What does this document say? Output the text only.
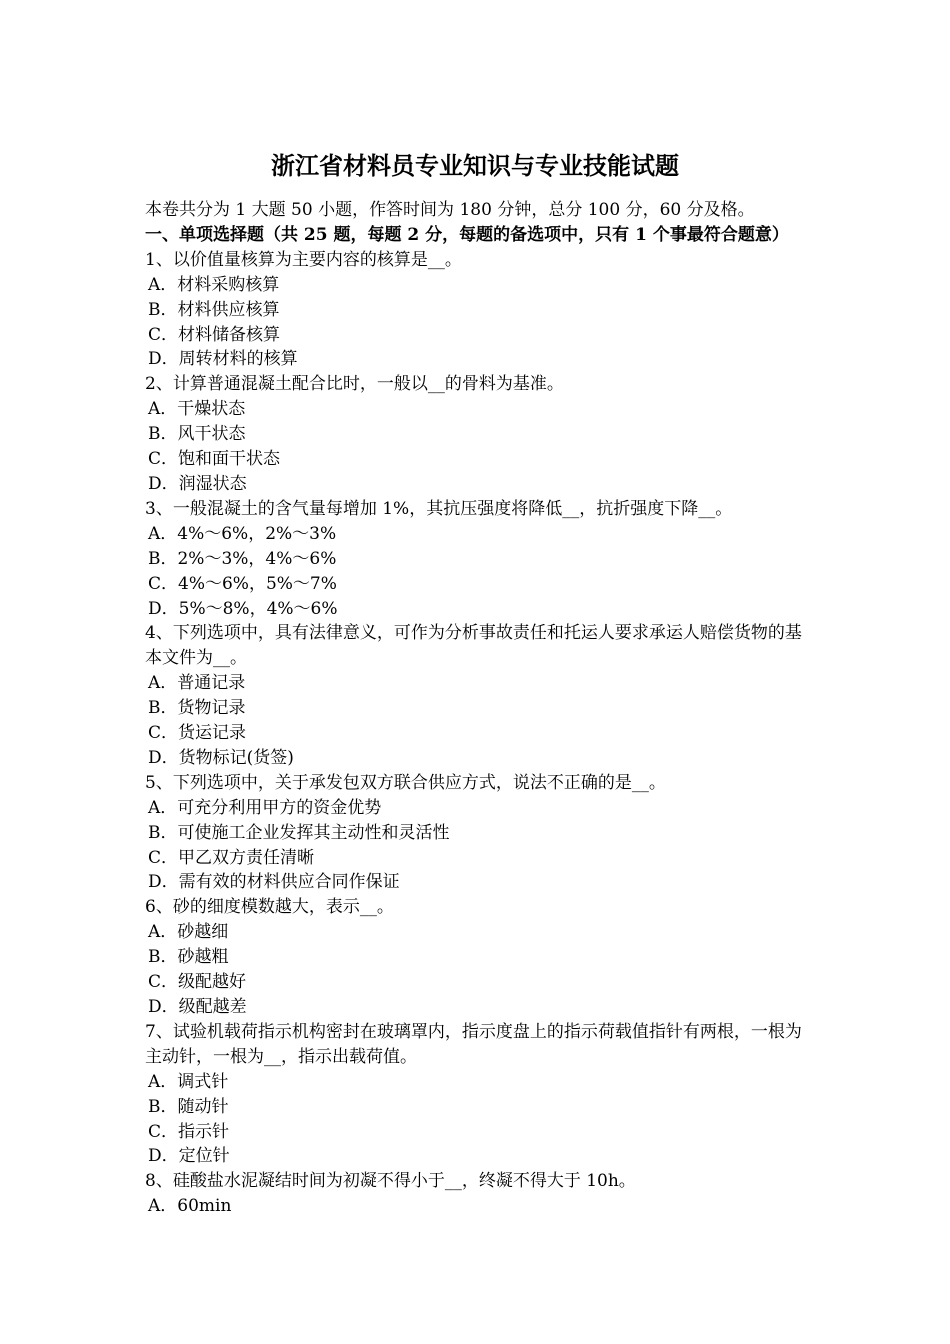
浙江省材料员专业知识与专业技能试题
本卷共分为 1 大题 50 小题，作答时间为 180 分钟，总分 100 分，60 分及格。
一、单项选择题（共 25 题，每题 2 分，每题的备选项中，只有 1 个事最符合题意）
1、以价值量核算为主要内容的核算是__。
A．材料采购核算
B．材料供应核算
C．材料储备核算
D．周转材料的核算
2、计算普通混凝土配合比时，一般以__的骨料为基准。
A．干燥状态
B．风干状态
C．饱和面干状态
D．润湿状态
3、一般混凝土的含气量每增加 1%，其抗压强度将降低__，抗折强度下降__。
A．4%～6%，2%～3%
B．2%～3%，4%～6%
C．4%～6%，5%～7%
D．5%～8%，4%～6%
4、下列选项中，具有法律意义，可作为分析事故责任和托运人要求承运人赔偿货物的基本文件为__。
A．普通记录
B．货物记录
C．货运记录
D．货物标记(货签)
5、下列选项中，关于承发包双方联合供应方式，说法不正确的是__。
A．可充分利用甲方的资金优势
B．可使施工企业发挥其主动性和灵活性
C．甲乙双方责任清晰
D．需有效的材料供应合同作保证
6、砂的细度模数越大，表示__。
A．砂越细
B．砂越粗
C．级配越好
D．级配越差
7、试验机载荷指示机构密封在玻璃罩内，指示度盘上的指示荷载值指针有两根，一根为主动针，一根为__，指示出载荷值。
A．调式针
B．随动针
C．指示针
D．定位针
8、硅酸盐水泥凝结时间为初凝不得小于__，终凝不得大于 10h。
A．60min
